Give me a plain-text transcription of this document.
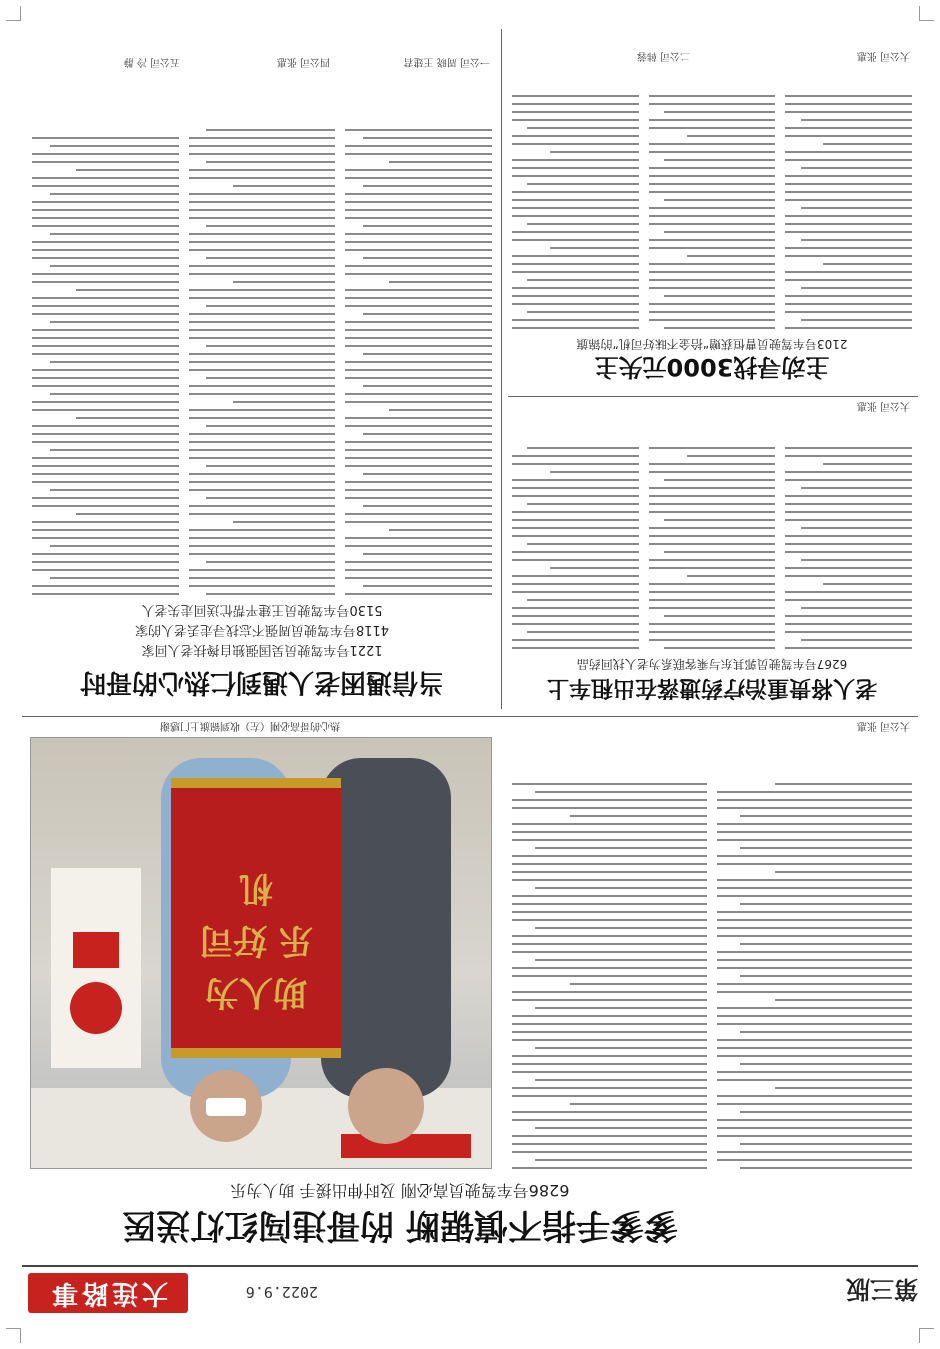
第三版
2022.9.6
大连路事
爹爹手指不慎锯断 的哥违闯红灯送医
6286号车驾驶员高必刚 及时伸出援手 助人为乐
大公司 张惠
助人为乐 好司机
热心的哥高必刚（左）收到锦旗上门感谢
老人将贵重治疗药遗落在出租车上
6267号车驾驶员郭其东与乘客联系为老人找回药品
大公司 张惠
当信遇困老人遇到仁热心的哥时
1221号车驾驶员吴国强独自搀扶老人回家
4118号车驾驶员周强不忘找寻走丢老人的家
5130号车驾驶员王建平帮忙送回走失老人
一公司 周晓 王建君
四公司 张惠
五公司 冷 静
主动寻找3000元失主
2103号车驾驶员曹恒获赠“拾金不昧好司机”的锦旗
大公司 张惠
二公司 韩蓉
